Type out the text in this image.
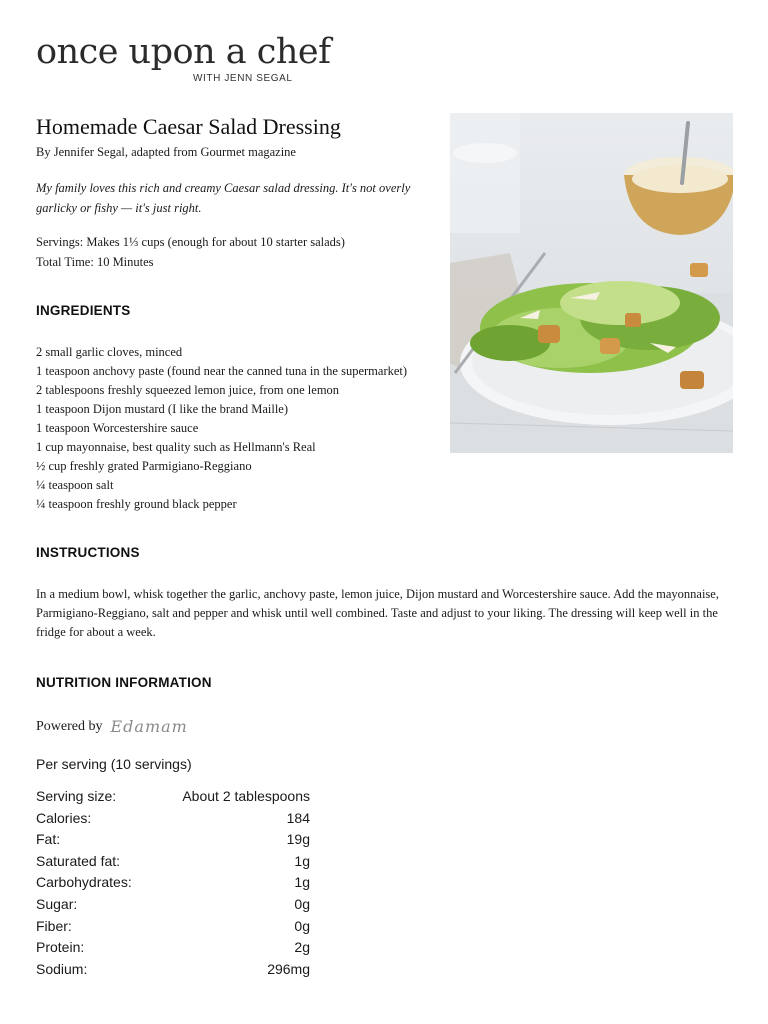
once upon a chef
WITH JENN SEGAL
Homemade Caesar Salad Dressing
By Jennifer Segal, adapted from Gourmet magazine
My family loves this rich and creamy Caesar salad dressing. It's not overly garlicky or fishy — it's just right.
Servings: Makes 1⅓ cups (enough for about 10 starter salads)
Total Time: 10 Minutes
INGREDIENTS
2 small garlic cloves, minced
1 teaspoon anchovy paste (found near the canned tuna in the supermarket)
2 tablespoons freshly squeezed lemon juice, from one lemon
1 teaspoon Dijon mustard (I like the brand Maille)
1 teaspoon Worcestershire sauce
1 cup mayonnaise, best quality such as Hellmann's Real
½ cup freshly grated Parmigiano-Reggiano
¼ teaspoon salt
¼ teaspoon freshly ground black pepper
INSTRUCTIONS

In a medium bowl, whisk together the garlic, anchovy paste, lemon juice, Dijon mustard and Worcestershire sauce. Add the mayonnaise, Parmigiano-Reggiano, salt and pepper and whisk until well combined. Taste and adjust to your liking. The dressing will keep well in the fridge for about a week.

NUTRITION INFORMATION
Powered by Edamam
Per serving (10 servings)
Serving size:	About 2 tablespoons
Calories:	184
Fat:	19g
Saturated fat:	1g
Carbohydrates:	1g
Sugar:	0g
Fiber:	0g
Protein:	2g
Sodium:	296mg
